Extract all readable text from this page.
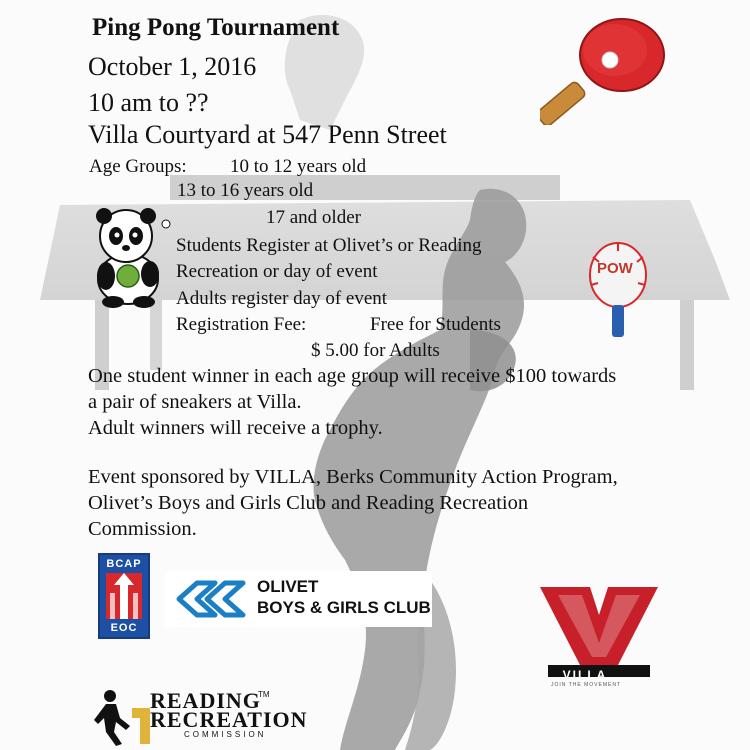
Ping Pong Tournament
October 1, 2016
10 am to ??
Villa Courtyard at 547 Penn Street
Age Groups: 10 to 12 years old
13 to 16 years old
17 and older
Students Register at Olivet’s or Reading
Recreation or day of event
Adults register day of event
Registration Fee:	Free for Students
$ 5.00 for Adults
One student winner in each age group will receive $100 towards
a pair of sneakers at Villa.
Adult winners will receive a trophy.
Event sponsored by VILLA, Berks Community Action Program,
Olivet’s Boys and Girls Club and Reading Recreation
Commission.
POW
BCAP
EOC
OLIVET
BOYS & GIRLS CLUB
VILLA
JOIN THE MOVEMENT
READING
TM
RECREATION
COMMISSION
